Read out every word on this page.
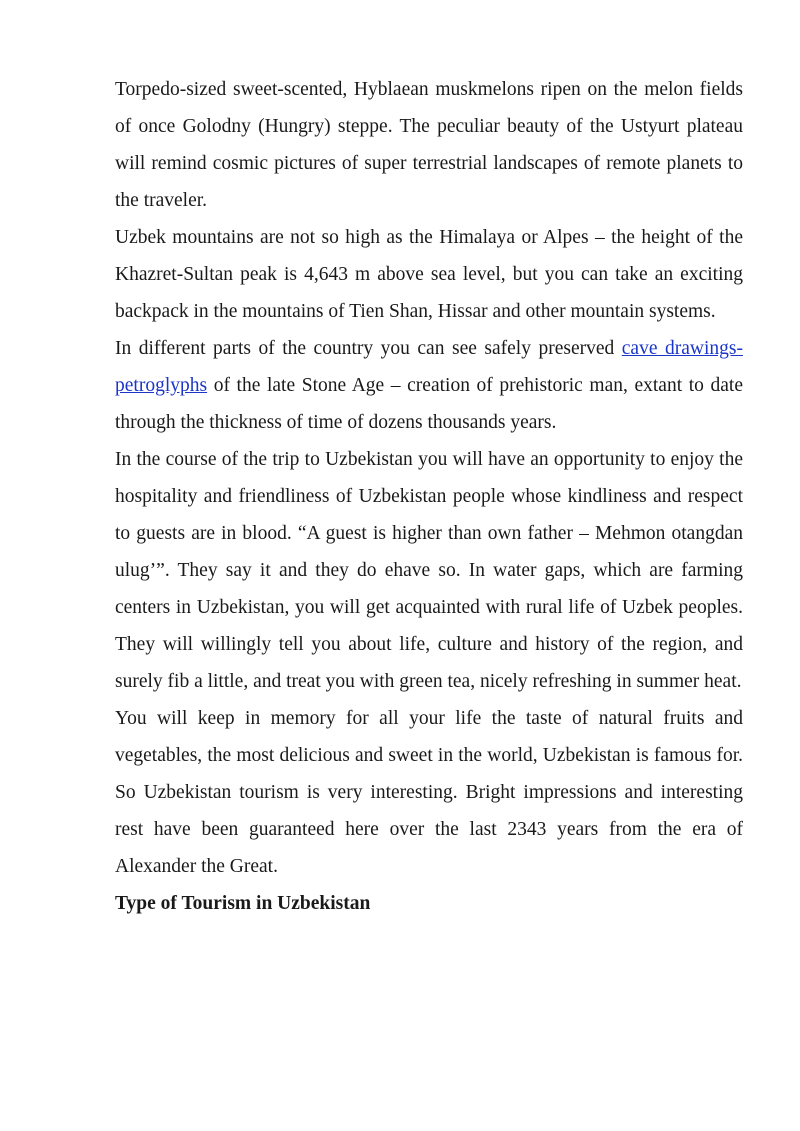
Torpedo-sized sweet-scented, Hyblaean muskmelons ripen on the melon fields of once Golodny (Hungry) steppe. The peculiar beauty of the Ustyurt plateau will remind cosmic pictures of super terrestrial landscapes of remote planets to the traveler.

Uzbek mountains are not so high as the Himalaya or Alpes – the height of the Khazret-Sultan peak is 4,643 m above sea level, but you can take an exciting backpack in the mountains of Tien Shan, Hissar and other mountain systems.

In different parts of the country you can see safely preserved cave drawings-petroglyphs of the late Stone Age – creation of prehistoric man, extant to date through the thickness of time of dozens thousands years.

In the course of the trip to Uzbekistan you will have an opportunity to enjoy the hospitality and friendliness of Uzbekistan people whose kindliness and respect to guests are in blood. “A guest is higher than own father – Mehmon otangdan ulug’”. They say it and they do ehave so. In water gaps, which are farming centers in Uzbekistan, you will get acquainted with rural life of Uzbek peoples. They will willingly tell you about life, culture and history of the region, and surely fib a little, and treat you with green tea, nicely refreshing in summer heat.

You will keep in memory for all your life the taste of natural fruits and vegetables, the most delicious and sweet in the world, Uzbekistan is famous for. So Uzbekistan tourism is very interesting. Bright impressions and interesting rest have been guaranteed here over the last 2343 years from the era of Alexander the Great.

Type of Tourism in Uzbekistan
